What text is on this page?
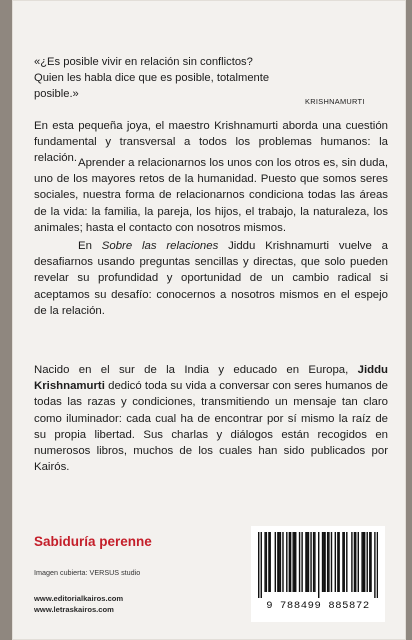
«¿Es posible vivir en relación sin conflictos?
Quien les habla dice que es posible, totalmente posible.»

KRISHNAMURTI

En esta pequeña joya, el maestro Krishnamurti aborda una cuestión fundamental y transversal a todos los problemas humanos: la relación. Aprender a relacionarnos los unos con los otros es, sin duda, uno de los mayores retos de la humanidad. Puesto que somos seres sociales, nuestra forma de relacionarnos condiciona todas las áreas de la vida: la familia, la pareja, los hijos, el trabajo, la naturaleza, los animales; hasta el contacto con nosotros mismos.

En Sobre las relaciones Jiddu Krishnamurti vuelve a desafiarnos usando preguntas sencillas y directas, que solo pueden revelar su profundidad y oportunidad de un cambio radical si aceptamos su desafío: conocernos a nosotros mismos en el espejo de la relación.

Nacido en el sur de la India y educado en Europa, Jiddu Krishnamurti dedicó toda su vida a conversar con seres humanos de todas las razas y condiciones, transmitiendo un mensaje tan claro como iluminador: cada cual ha de encontrar por sí mismo la raíz de su propia libertad. Sus charlas y diálogos están recogidos en numerosos libros, muchos de los cuales han sido publicados por Kairós.

Sabiduría perenne

Imagen cubierta: VERSUS studio

www.editorialkairos.com

www.letraskairos.com	9 788499 885872
